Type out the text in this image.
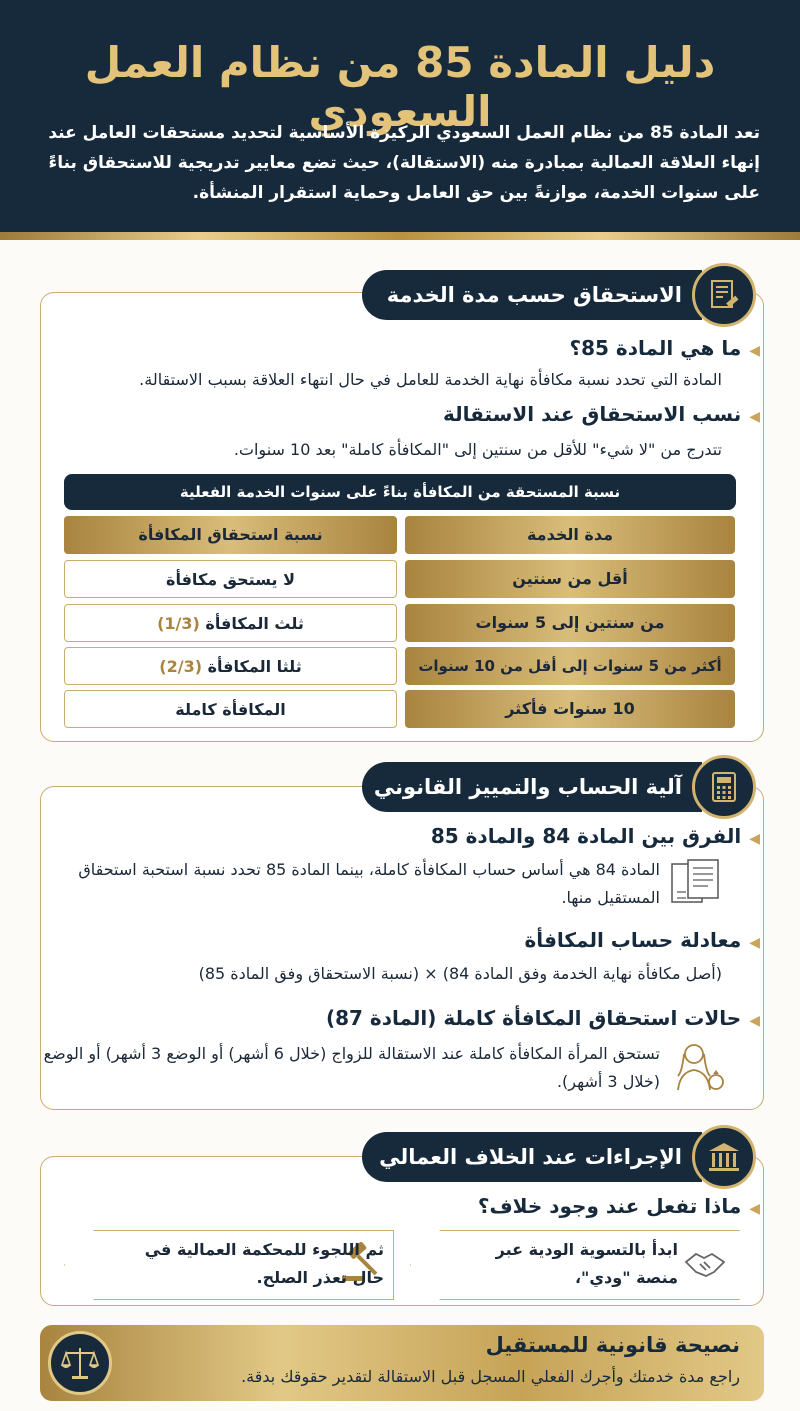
دليل المادة 85 من نظام العمل السعودي
تعد المادة 85 من نظام العمل السعودي الركيزة الأساسية لتحديد مستحقات العامل عند إنهاء العلاقة العمالية بمبادرة منه (الاستقالة)، حيث تضع معايير تدريجية للاستحقاق بناءً على سنوات الخدمة، موازنةً بين حق العامل وحماية استقرار المنشأة.
الاستحقاق حسب مدة الخدمة
◀ما هي المادة 85؟
المادة التي تحدد نسبة مكافأة نهاية الخدمة للعامل في حال انتهاء العلاقة بسبب الاستقالة.
◀نسب الاستحقاق عند الاستقالة
تتدرج من "لا شيء" للأقل من سنتين إلى "المكافأة كاملة" بعد 10 سنوات.
نسبة المستحقة من المكافأة بناءً على سنوات الخدمة الفعلية
مدة الخدمة
نسبة استحقاق المكافأة
أقل من سنتين
لا يستحق مكافأة
من سنتين إلى 5 سنوات
ثلث المكافأة (1/3)
أكثر من 5 سنوات إلى أقل من 10 سنوات
ثلثا المكافأة (2/3)
10 سنوات فأكثر
المكافأة كاملة
آلية الحساب والتمييز القانوني
◀الفرق بين المادة 84 والمادة 85
المادة 84 هي أساس حساب المكافأة كاملة، بينما المادة 85 تحدد نسبة استحبة استحقاق المستقيل منها.
◀معادلة حساب المكافأة
(أصل مكافأة نهاية الخدمة وفق المادة 84) × (نسبة الاستحقاق وفق المادة 85)
◀حالات استحقاق المكافأة كاملة (المادة 87)
تستحق المرأة المكافأة كاملة عند الاستقالة للزواج (خلال 6 أشهر) أو الوضع 3 أشهر) أو الوضع (خلال 3 أشهر).
الإجراءات عند الخلاف العمالي
◀ماذا تفعل عند وجود خلاف؟
ابدأ بالتسوية الودية عبر منصة "ودي"،
ثم اللجوء للمحكمة العمالية في حال تعذر الصلح.
نصيحة قانونية للمستقيل
راجع مدة خدمتك وأجرك الفعلي المسجل قبل الاستقالة لتقدير حقوقك بدقة.
